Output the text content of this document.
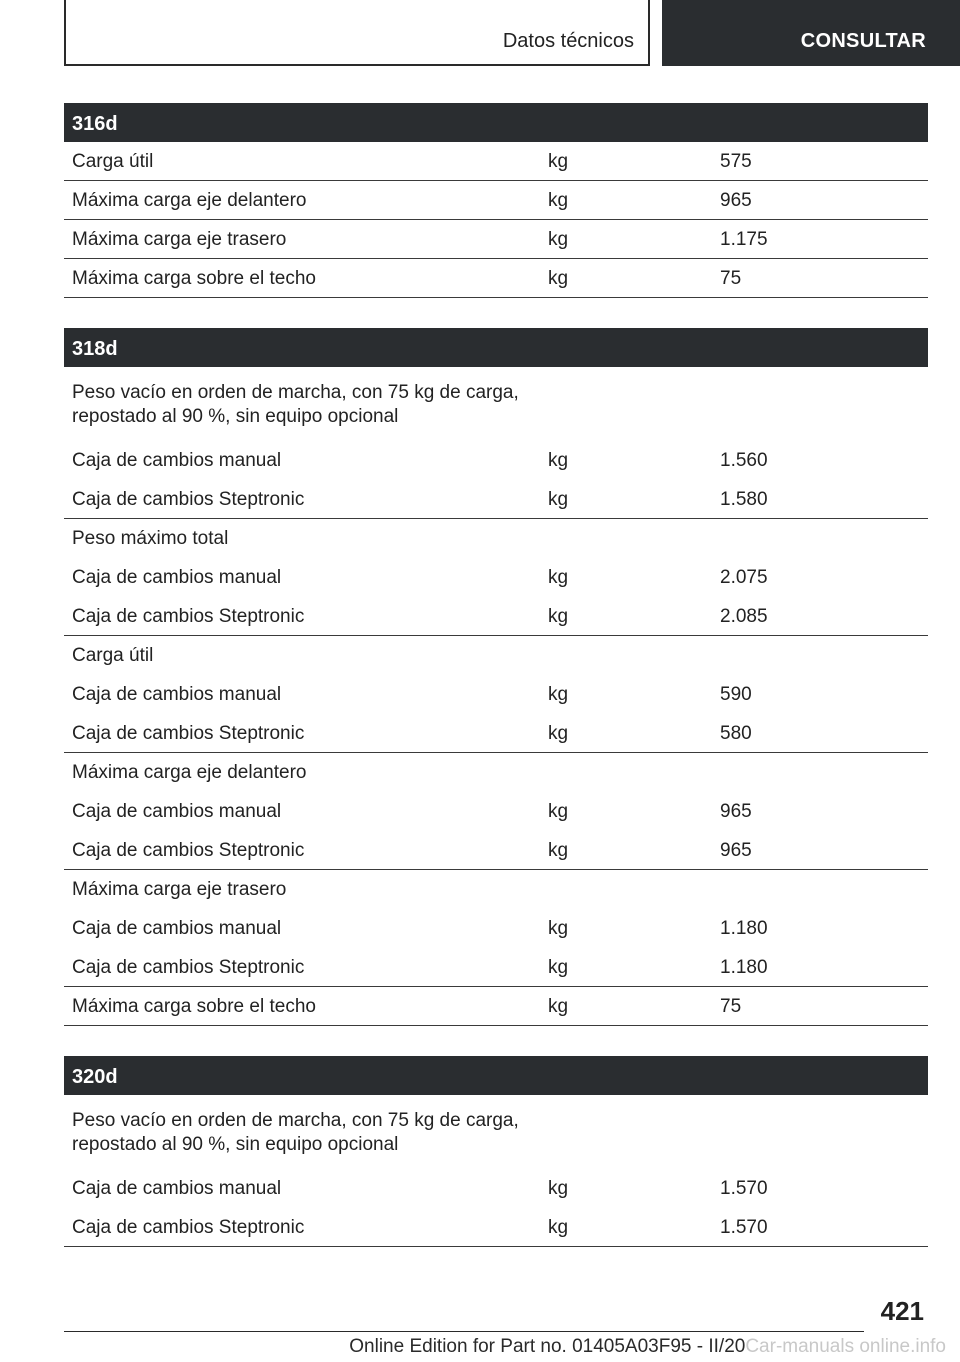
Datos técnicos	CONSULTAR
316d
Carga útil	kg	575
Máxima carga eje delantero	kg	965
Máxima carga eje trasero	kg	1.175
Máxima carga sobre el techo	kg	75
318d
Peso vacío en orden de marcha, con 75 kg de carga, repostado al 90 %, sin equipo opcional
Caja de cambios manual	kg	1.560
Caja de cambios Steptronic	kg	1.580
Peso máximo total
Caja de cambios manual	kg	2.075
Caja de cambios Steptronic	kg	2.085
Carga útil
Caja de cambios manual	kg	590
Caja de cambios Steptronic	kg	580
Máxima carga eje delantero
Caja de cambios manual	kg	965
Caja de cambios Steptronic	kg	965
Máxima carga eje trasero
Caja de cambios manual	kg	1.180
Caja de cambios Steptronic	kg	1.180
Máxima carga sobre el techo	kg	75
320d
Peso vacío en orden de marcha, con 75 kg de carga, repostado al 90 %, sin equipo opcional
Caja de cambios manual	kg	1.570
Caja de cambios Steptronic	kg	1.570
421
Online Edition for Part no. 01405A03F95 - II/20Car-manuals online.info
